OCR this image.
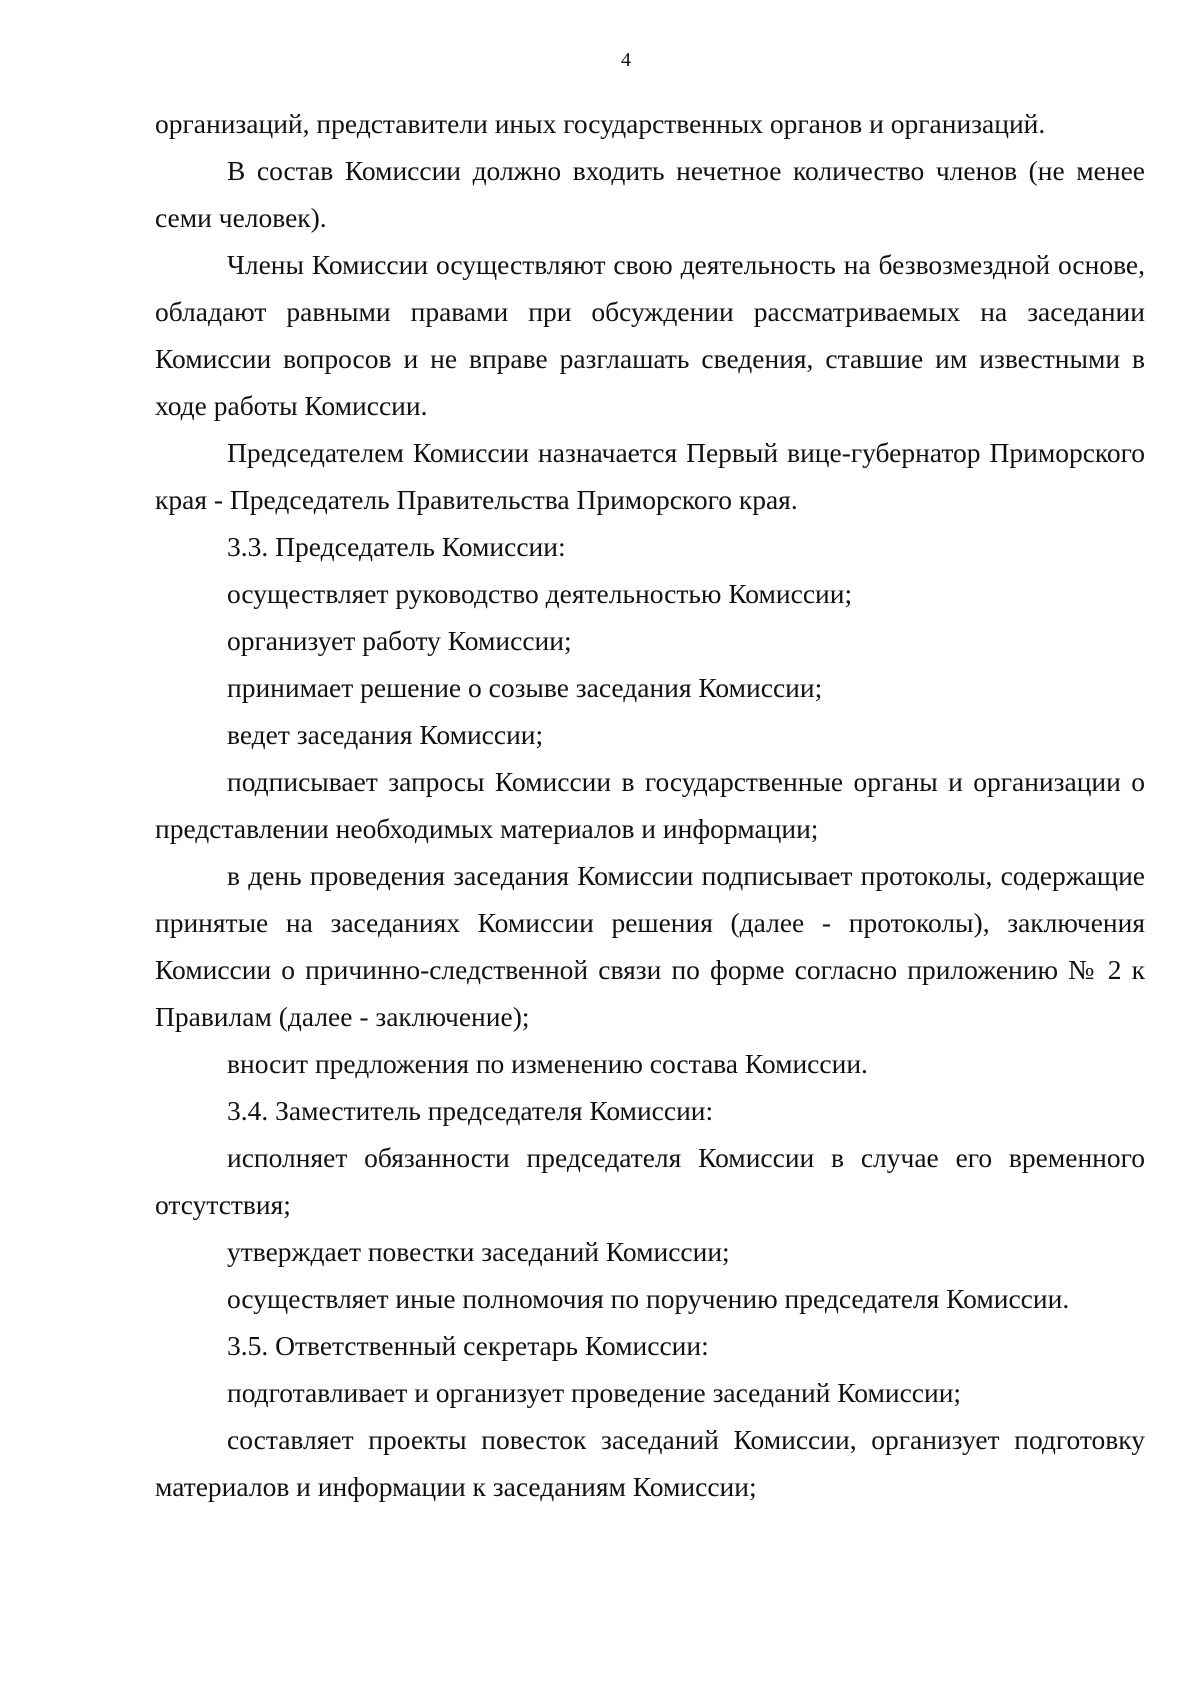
4

организаций, представители иных государственных органов и организаций.

В состав Комиссии должно входить нечетное количество членов (не менее семи человек).

Члены Комиссии осуществляют свою деятельность на безвозмездной основе, обладают равными правами при обсуждении рассматриваемых на заседании Комиссии вопросов и не вправе разглашать сведения, ставшие им известными в ходе работы Комиссии.

Председателем Комиссии назначается Первый вице-губернатор Приморского края - Председатель Правительства Приморского края.

3.3. Председатель Комиссии:

осуществляет руководство деятельностью Комиссии;

организует работу Комиссии;

принимает решение о созыве заседания Комиссии;

ведет заседания Комиссии;

подписывает запросы Комиссии в государственные органы и организации о представлении необходимых материалов и информации;

в день проведения заседания Комиссии подписывает протоколы, содержащие принятые на заседаниях Комиссии решения (далее - протоколы), заключения Комиссии о причинно-следственной связи по форме согласно приложению № 2 к Правилам (далее - заключение);

вносит предложения по изменению состава Комиссии.

3.4. Заместитель председателя Комиссии:

исполняет обязанности председателя Комиссии в случае его временного отсутствия;

утверждает повестки заседаний Комиссии;

осуществляет иные полномочия по поручению председателя Комиссии.

3.5. Ответственный секретарь Комиссии:

подготавливает и организует проведение заседаний Комиссии;

составляет проекты повесток заседаний Комиссии, организует подготовку материалов и информации к заседаниям Комиссии;
